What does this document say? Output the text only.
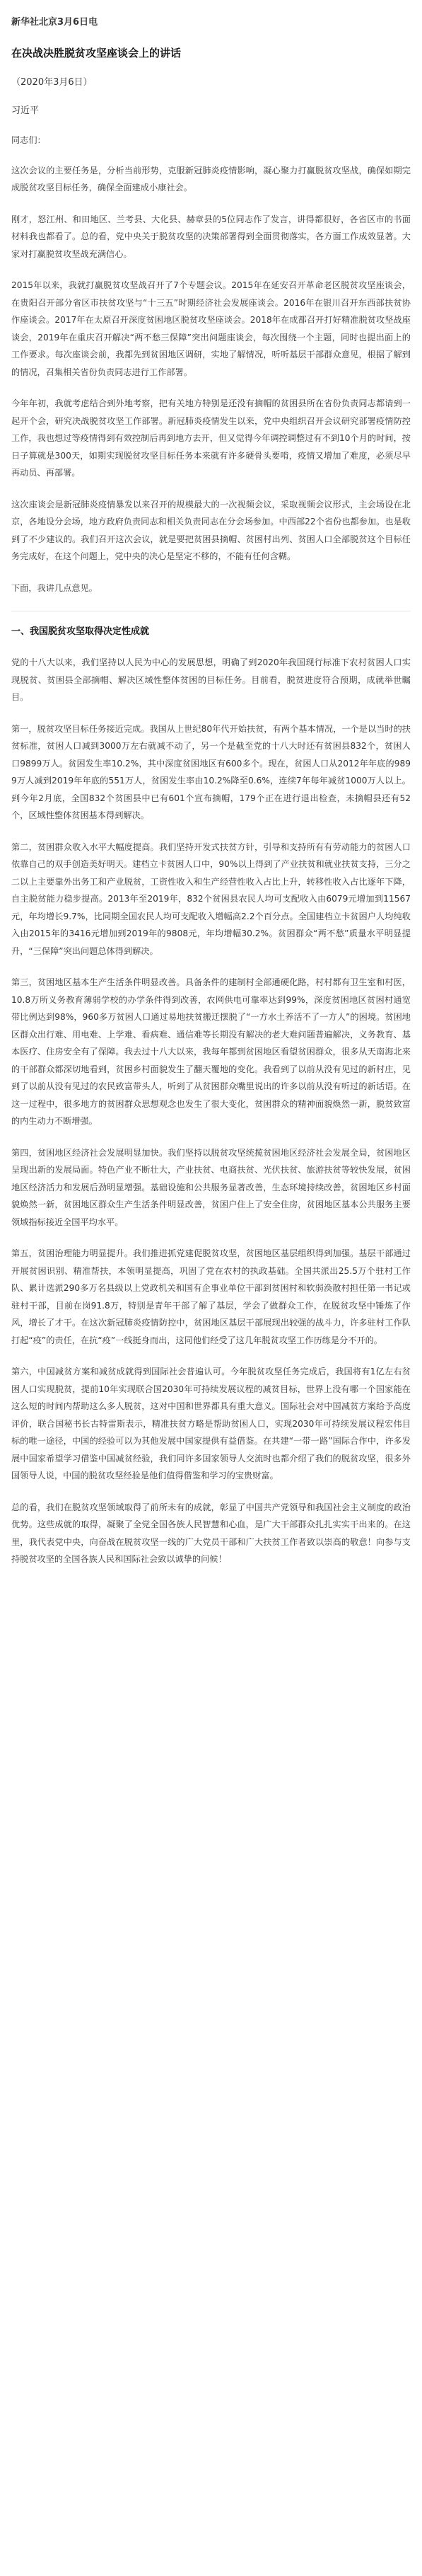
新华社北京3月6日电
在决战决胜脱贫攻坚座谈会上的讲话
（2020年3月6日）
习近平
同志们：
这次会议的主要任务是，分析当前形势，克服新冠肺炎疫情影响，凝心聚力打赢脱贫攻坚战，确保如期完成脱贫攻坚目标任务，确保全面建成小康社会。
刚才，怒江州、和田地区、兰考县、大化县、赫章县的5位同志作了发言，讲得都很好，各省区市的书面材料我也都看了。总的看，党中央关于脱贫攻坚的决策部署得到全面贯彻落实，各方面工作成效显著。大家对打赢脱贫攻坚战充满信心。
2015年以来，我就打赢脱贫攻坚战召开了7个专题会议。2015年在延安召开革命老区脱贫攻坚座谈会，在贵阳召开部分省区市扶贫攻坚与“十三五”时期经济社会发展座谈会。2016年在银川召开东西部扶贫协作座谈会。2017年在太原召开深度贫困地区脱贫攻坚座谈会。2018年在成都召开打好精准脱贫攻坚战座谈会，2019年在重庆召开解决“两不愁三保障”突出问题座谈会，每次围绕一个主题，同时也提出面上的工作要求。每次座谈会前，我都先到贫困地区调研，实地了解情况，听听基层干部群众意见，根据了解到的情况，召集相关省份负责同志进行工作部署。
今年年初，我就考虑结合到外地考察，把有关地方特别是还没有摘帽的贫困县所在省份负责同志都请到一起开个会，研究决战脱贫攻坚工作部署。新冠肺炎疫情发生以来，党中央组织召开会议研究部署疫情防控工作，我也想过等疫情得到有效控制后再到地方去开，但又觉得今年调控调整过有不到10个月的时间，按日子算就是300天，如期实现脱贫攻坚目标任务本来就有许多硬骨头要啃，疫情又增加了难度，必须尽早再动员、再部署。
这次座谈会是新冠肺炎疫情暴发以来召开的规模最大的一次视频会议，采取视频会议形式，主会场设在北京，各地设分会场，地方政府负责同志和相关负责同志在分会场参加。中西部22个省份也都参加。也是收到了不少建议的。我们召开这次会议，就是要把贫困县摘帽、贫困村出列、贫困人口全部脱贫这个目标任务完成好，在这个问题上，党中央的决心是坚定不移的，不能有任何含糊。
下面，我讲几点意见。
一、我国脱贫攻坚取得决定性成就
党的十八大以来，我们坚持以人民为中心的发展思想，明确了到2020年我国现行标准下农村贫困人口实现脱贫、贫困县全部摘帽、解决区域性整体贫困的目标任务。目前看，脱贫进度符合预期，成就举世瞩目。
第一，脱贫攻坚目标任务接近完成。我国从上世纪80年代开始扶贫，有两个基本情况，一个是以当时的扶贫标准，贫困人口减到3000万左右就减不动了，另一个是截至党的十八大时还有贫困县832个，贫困人口9899万人。贫困发生率10.2%，其中深度贫困地区有600多个。现在，贫困人口从2012年年底的9899万人减到2019年年底的551万人，贫困发生率由10.2%降至0.6%，连续7年每年减贫1000万人以上。到今年2月底，全国832个贫困县中已有601个宣布摘帽，179个正在进行退出检查，未摘帽县还有52个，区域性整体贫困基本得到解决。
第二，贫困群众收入水平大幅度提高。我们坚持开发式扶贫方针，引导和支持所有有劳动能力的贫困人口依靠自己的双手创造美好明天。建档立卡贫困人口中，90%以上得到了产业扶贫和就业扶贫支持，三分之二以上主要靠外出务工和产业脱贫，工资性收入和生产经营性收入占比上升，转移性收入占比逐年下降，自主脱贫能力稳步提高。2013年至2019年，832个贫困县农民人均可支配收入由6079元增加到11567元，年均增长9.7%，比同期全国农民人均可支配收入增幅高2.2个百分点。全国建档立卡贫困户人均纯收入由2015年的3416元增加到2019年的9808元，年均增幅30.2%。贫困群众“两不愁”质量水平明显提升，“三保障”突出问题总体得到解决。
第三，贫困地区基本生产生活条件明显改善。具备条件的建制村全部通硬化路，村村都有卫生室和村医，10.8万所义务教育薄弱学校的办学条件得到改善，农网供电可靠率达到99%，深度贫困地区贫困村通宽带比例达到98%，960多万贫困人口通过易地扶贫搬迁摆脱了“一方水土养活不了一方人”的困境。贫困地区群众出行难、用电难、上学难、看病难、通信难等长期没有解决的老大难问题普遍解决，义务教育、基本医疗、住房安全有了保障。我去过十八大以来，我每年都到贫困地区看望贫困群众，很多从天南海北来的干部群众都深切地看到，贫困乡村面貌发生了翻天覆地的变化。我看到了以前从没有见过的新村庄，见到了以前从没有见过的农民致富带头人，听到了从贫困群众嘴里说出的许多以前从没有听过的新话语。在这一过程中，很多地方的贫困群众思想观念也发生了很大变化，贫困群众的精神面貌焕然一新，脱贫致富的内生动力不断增强。
第四，贫困地区经济社会发展明显加快。我们坚持以脱贫攻坚统揽贫困地区经济社会发展全局，贫困地区呈现出新的发展局面。特色产业不断壮大，产业扶贫、电商扶贫、光伏扶贫、旅游扶贫等较快发展，贫困地区经济活力和发展后劲明显增强。基础设施和公共服务显著改善，生态环境持续改善，贫困地区乡村面貌焕然一新，贫困地区群众生产生活条件明显改善，贫困户住上了安全住房，贫困地区基本公共服务主要领域指标接近全国平均水平。
第五，贫困治理能力明显提升。我们推进抓党建促脱贫攻坚，贫困地区基层组织得到加强。基层干部通过开展贫困识别、精准帮扶，本领明显提高，巩固了党在农村的执政基础。全国共派出25.5万个驻村工作队、累计选派290多万名县级以上党政机关和国有企事业单位干部到贫困村和软弱涣散村担任第一书记或驻村干部，目前在岗91.8万，特别是青年干部了解了基层，学会了做群众工作，在脱贫攻坚中锤炼了作风，增长了才干。在这次新冠肺炎疫情防控中，贫困地区基层干部展现出较强的战斗力，许多驻村工作队打起“疫”的责任，在抗“疫”一线挺身而出，这同他们经受了这几年脱贫攻坚工作历练是分不开的。
第六，中国减贫方案和减贫成就得到国际社会普遍认可。今年脱贫攻坚任务完成后，我国将有1亿左右贫困人口实现脱贫，提前10年实现联合国2030年可持续发展议程的减贫目标，世界上没有哪一个国家能在这么短的时间内帮助这么多人脱贫，这对中国和世界都具有重大意义。国际社会对中国减贫方案给予高度评价，联合国秘书长古特雷斯表示，精准扶贫方略是帮助贫困人口，实现2030年可持续发展议程宏伟目标的唯一途径，中国的经验可以为其他发展中国家提供有益借鉴。在共建“一带一路”国际合作中，许多发展中国家希望学习借鉴中国减贫经验，我们同许多国家领导人交流时也都介绍了我们的脱贫攻坚，很多外国领导人说，中国的脱贫攻坚经验是他们值得借鉴和学习的宝贵财富。
总的看，我们在脱贫攻坚领域取得了前所未有的成就，彰显了中国共产党领导和我国社会主义制度的政治优势。这些成就的取得，凝聚了全党全国各族人民智慧和心血，是广大干部群众扎扎实实干出来的。在这里，我代表党中央，向奋战在脱贫攻坚一线的广大党员干部和广大扶贫工作者致以崇高的敬意！向参与支持脱贫攻坚的全国各族人民和国际社会致以诚挚的问候！
